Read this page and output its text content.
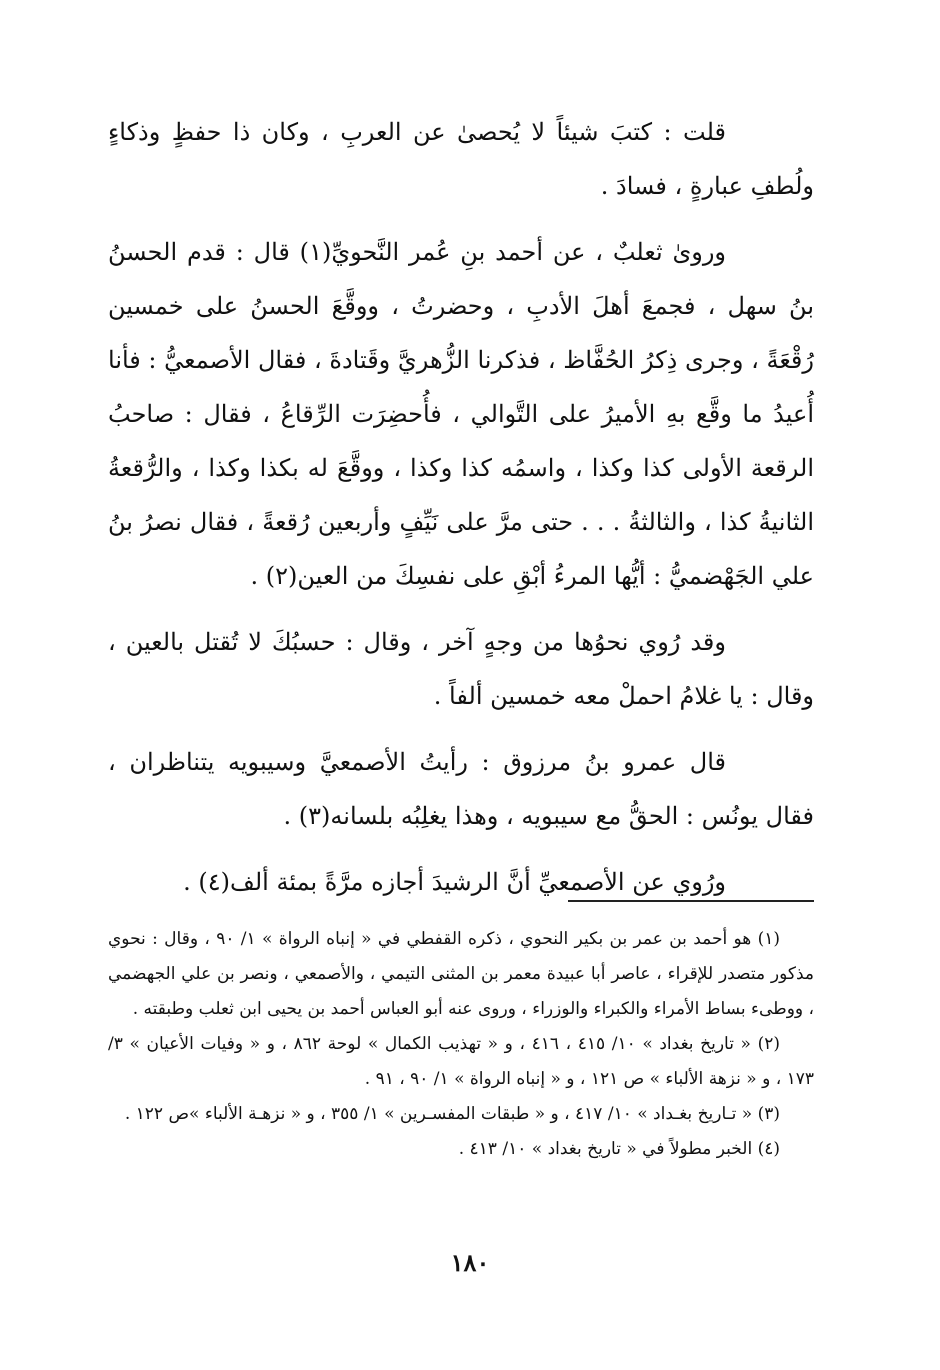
قلت : كتبَ شيئاً لا يُحصىٰ عن العربِ ، وكان ذا حفظٍ وذكاءٍ ولُطفِ عبارةٍ ، فسادَ .

وروىٰ ثعلبٌ ، عن أحمد بنِ عُمر النَّحويِّ(١) قال : قدم الحسنُ بنُ سهل ، فجمعَ أهلَ الأدبِ ، وحضرتُ ، ووقَّعَ الحسنُ على خمسين رُقْعَةً ، وجرى ذِكرُ الحُفَّاظ ، فذكرنا الزُّهريَّ وقَتادةَ ، فقال الأصمعيُّ : فأنا أُعيدُ ما وقَّع بهِ الأميرُ على التَّوالي ، فأُحضِرَت الرِّقاعُ ، فقال : صاحبُ الرقعة الأولى كذا وكذا ، واسمُه كذا وكذا ، ووقَّعَ له بكذا وكذا ، والرُّقعةُ الثانيةُ كذا ، والثالثةُ . . . حتى مرَّ على نَيِّفٍ وأربعين رُقعةً ، فقال نصرُ بنُ علي الجَهْضميُّ : أيُّها المرءُ أبْقِ على نفسِكَ من العين(٢) .

وقد رُوي نحوُها من وجهٍ آخر ، وقال : حسبُكَ لا تُقتل بالعين ، وقال : يا غلامُ احملْ معه خمسين ألفاً .

قال عمرو بنُ مرزوق : رأيتُ الأصمعيَّ وسيبويه يتناظران ، فقال يونُس : الحقُّ مع سيبويه ، وهذا يغلِبُه بلسانه(٣) .

ورُوي عن الأصمعيِّ أنَّ الرشيدَ أجازه مرَّةً بمئة ألف(٤) .

(١) هو أحمد بن عمر بن بكير النحوي ، ذكره القفطي في « إنباه الرواة » ١/ ٩٠ ، وقال : نحوي مذكور متصدر للإقراء ، عاصر أبا عبيدة معمر بن المثنى التيمي ، والأصمعي ، ونصر بن علي الجهضمي ، ووطىء بساط الأمراء والكبراء والوزراء ، وروى عنه أبو العباس أحمد بن يحيى ابن ثعلب وطبقته .

(٢) « تاريخ بغداد » ١٠/ ٤١٥ ، ٤١٦ ، و « تهذيب الكمال » لوحة ٨٦٢ ، و « وفيات الأعيان » ٣/ ١٧٣ ، و « نزهة الألباء » ص ١٢١ ، و « إنباه الرواة » ١/ ٩٠ ، ٩١ .

(٣) « تـاريخ بغـداد » ١٠/ ٤١٧ ، و « طبقات المفسـرين » ١/ ٣٥٥ ، و « نزهـة الألباء »ص ١٢٢ .

(٤) الخبر مطولاً في « تاريخ بغداد » ١٠/ ٤١٣ .

١٨٠
